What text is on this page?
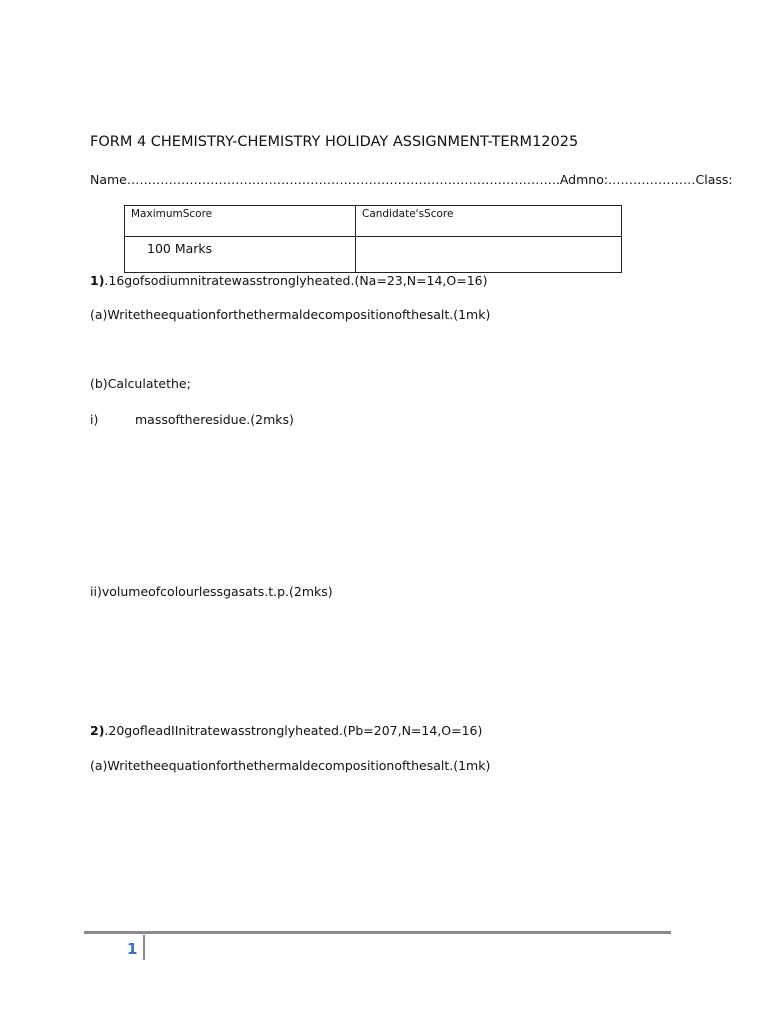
FORM 4 CHEMISTRY-CHEMISTRY HOLIDAY ASSIGNMENT-TERM12025
Name…………………………………………………………………………………………..Admno:…………………Class:
MaximumScore	Candidate'sScore
100 Marks	
1).16gofsodiumnitratewasstronglyheated.(Na=23,N=14,O=16)
(a)Writetheequationforthethermaldecompositionofthesalt.(1mk)
(b)Calculatethe;
i)	massoftheresidue.(2mks)
ii)volumeofcolourlessgasats.t.p.(2mks)
2).20gofleadIInitratewasstronglyheated.(Pb=207,N=14,O=16)
(a)Writetheequationforthethermaldecompositionofthesalt.(1mk)
1
